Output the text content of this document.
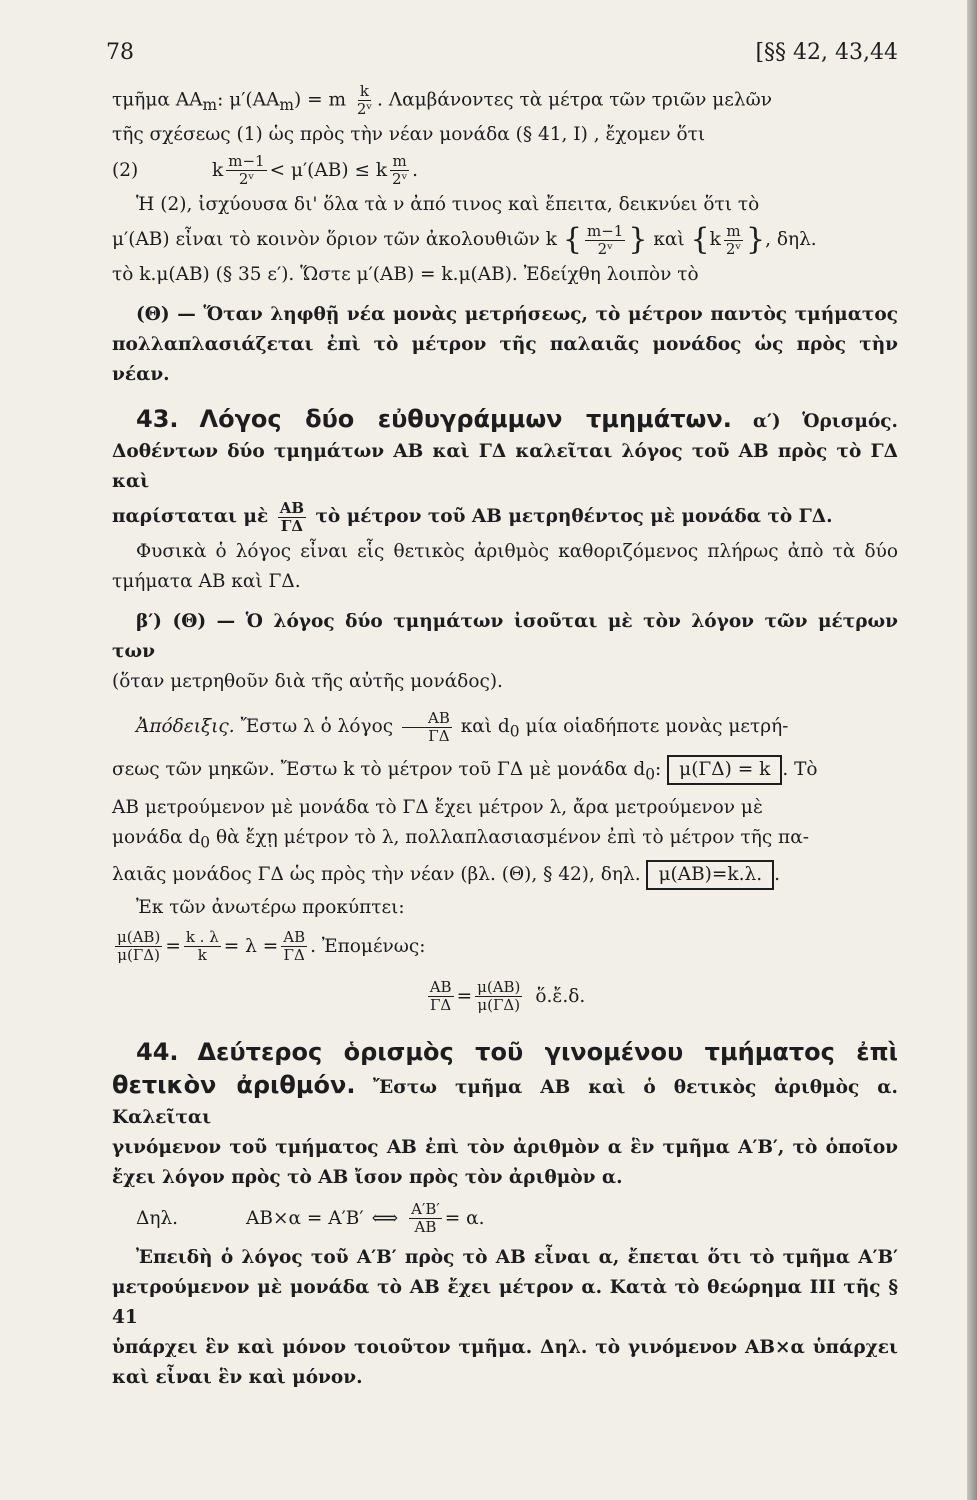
78	[§§ 42, 43,44

τμῆμα $AA_m$: $\mu'(AA_m) = m \frac{k}{\text{2ᵛ}}$ . Λαμβάνοντες τὰ μέτρα τῶν τριῶν μελῶν

τῆς σχέσεως (1) ὡς πρὸς τὴν νέαν μονάδα (§ 41, Ι) , ἔχομεν ὅτι

(2)	k $\frac{m-1}{\text{2ᵛ}} < \mu'(AB) \le k \frac{m}{\text{2ᵛ}}$ .

Ἡ (2), ἰσχύουσα δι' ὅλα τὰ ν ἀπό τινος καὶ ἔπειτα, δεικνύει ὅτι τὸ

μ′(ΑΒ) εἶναι τὸ κοινὸν ὅριον τῶν ἀκολουθιῶν k { $\frac{m-1}{\text{2ᵛ}}$ } καὶ {$k \frac{m}{\text{2ᵛ}}$ }, δηλ.

τὸ k.μ(ΑΒ) (§ 35 ε′). Ὥστε μ′(ΑΒ) = k.μ(ΑΒ). Ἐδείχθη λοιπὸν τὸ

(Θ) — Ὅταν ληφθῇ νέα μονὰς μετρήσεως, τὸ μέτρον παντὸς τμήματος πολλαπλασιάζεται ἐπὶ τὸ μέτρον τῆς παλαιᾶς μονάδος ὡς πρὸς τὴν νέαν.

43. Λόγος δύο εὐθυγράμμων τμημάτων. α′) Ὁρισμός. Δοθέντων δύο τμημάτων ΑΒ καὶ ΓΔ καλεῖται λόγος τοῦ ΑΒ πρὸς τὸ ΓΔ καὶ

παρίσταται μὲ $\frac{AB}{\Gamma\Delta}$ τὸ μέτρον τοῦ ΑΒ μετρηθέντος μὲ μονάδα τὸ ΓΔ.

Φυσικὰ ὁ λόγος εἶναι εἷς θετικὸς ἀριθμὸς καθοριζόμενος πλήρως ἀπὸ τὰ δύο τμήματα ΑΒ καὶ ΓΔ.

β′) (Θ) — Ὁ λόγος δύο τμημάτων ἰσοῦται μὲ τὸν λόγον τῶν μέτρων των

(ὅταν μετρηθοῦν διὰ τῆς αὐτῆς μονάδος).

Ἀπόδειξις. Ἔστω λ ὁ λόγος $\frac{AB}{\Gamma\Delta}$ καὶ $d_0$ μία οἱαδήποτε μονὰς μετρή-

σεως τῶν μηκῶν. Ἔστω k τὸ μέτρον τοῦ ΓΔ μὲ μονάδα $d_0$: μ(ΓΔ) = k . Τὸ

ΑΒ μετρούμενον μὲ μονάδα τὸ ΓΔ ἔχει μέτρον λ, ἄρα μετρούμενον μὲ

μονάδα $d_0$ θὰ ἔχῃ μέτρον τὸ λ, πολλαπλασιασμένον ἐπὶ τὸ μέτρον τῆς πα-

λαιᾶς μονάδος ΓΔ ὡς πρὸς τὴν νέαν (βλ. (Θ), § 42), δηλ. μ(ΑΒ)=k.λ. .

Ἐκ τῶν ἀνωτέρω προκύπτει:

$\frac{\mu(AB)}{\mu(\Gamma\Delta)} = \frac{k . \lambda}{k} = \lambda = \frac{AB}{\Gamma\Delta}$ . Ἐπομένως:
$\frac{AB}{\Gamma\Delta} = \frac{\mu(AB)}{\mu(\Gamma\Delta)}$ ὅ.ἔ.δ.

44. Δεύτερος ὁρισμὸς τοῦ γινομένου τμήματος ἐπὶ θετικὸν ἀριθμόν. Ἔστω τμῆμα ΑΒ καὶ ὁ θετικὸς ἀριθμὸς α. Καλεῖται

γινόμενον τοῦ τμήματος ΑΒ ἐπὶ τὸν ἀριθμὸν α ἓν τμῆμα Α′Β′, τὸ ὁποῖον ἔχει λόγον πρὸς τὸ ΑΒ ἴσον πρὸς τὸν ἀριθμὸν α.

Δηλ.	ΑΒ×α = Α′Β′ ⟺ $\frac{A'B'}{AB} = \alpha$.

Ἐπειδὴ ὁ λόγος τοῦ Α′Β′ πρὸς τὸ ΑΒ εἶναι α, ἔπεται ὅτι τὸ τμῆμα Α′Β′ μετρούμενον μὲ μονάδα τὸ ΑΒ ἔχει μέτρον α. Κατὰ τὸ θεώρημα ΙΙΙ τῆς § 41

ὑπάρχει ἓν καὶ μόνον τοιοῦτον τμῆμα. Δηλ. τὸ γινόμενον ΑΒ×α ὑπάρχει καὶ εἶναι ἓν καὶ μόνον.
